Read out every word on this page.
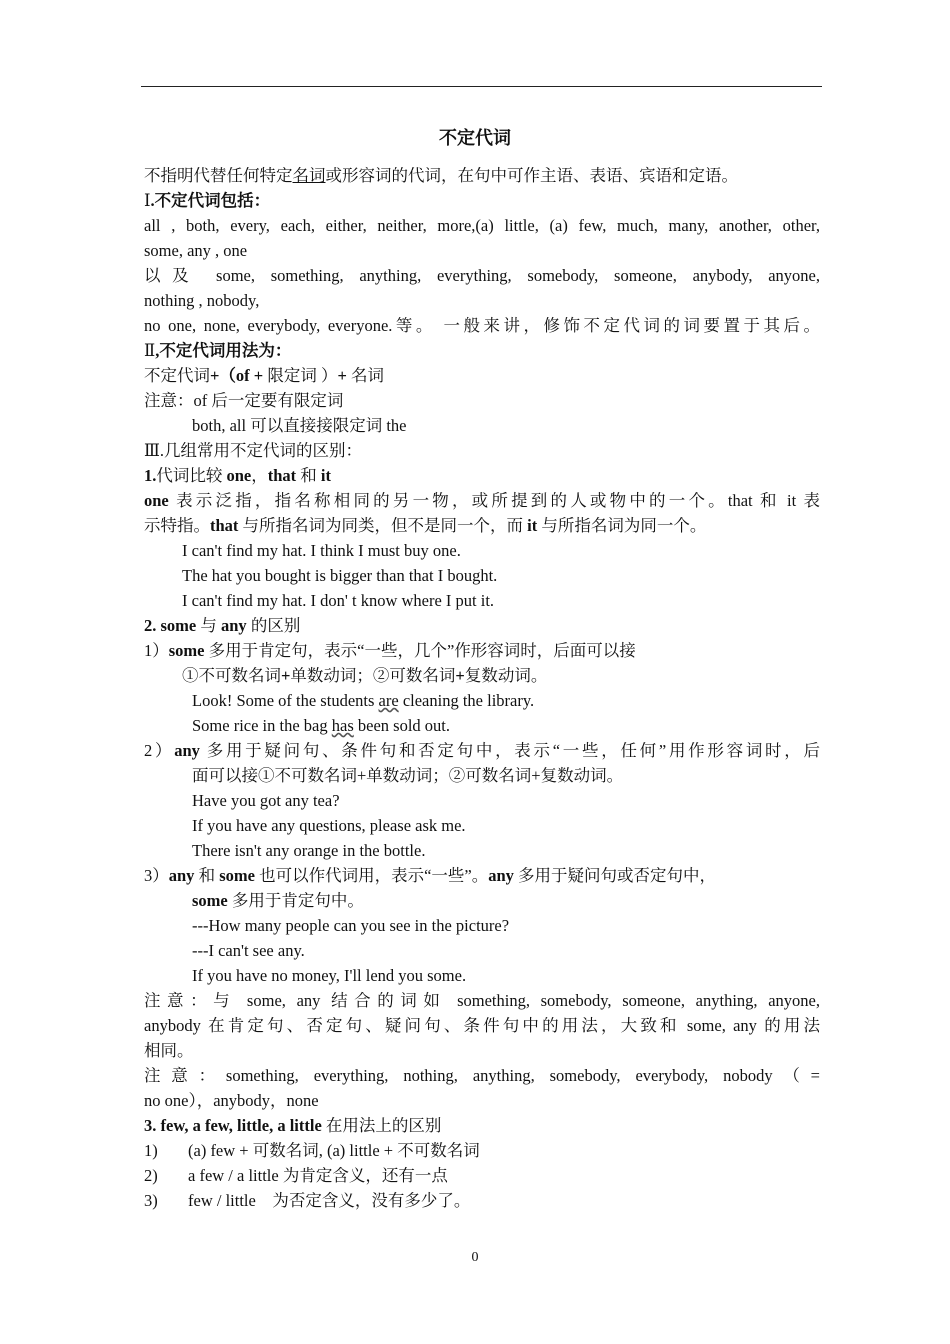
不定代词
不指明代替任何特定名词或形容词的代词，在句中可作主语、表语、宾语和定语。
Ⅰ.不定代词包括：
all , both, every, each, either, neither, more,(a) little, (a) few, much, many, another, other,
some, any , one
以及 some, something, anything, everything, somebody, someone, anybody, anyone,
nothing , nobody,
no one, none, everybody, everyone.等。 一般来讲，修饰不定代词的词要置于其后。
Ⅱ,不定代词用法为：
不定代词+（of + 限定词 ）+ 名词
注意：of 后一定要有限定词
both, all 可以直接接限定词 the
Ⅲ.几组常用不定代词的区别：
1.代词比较 one，that 和 it
one 表示泛指，指名称相同的另一物，或所提到的人或物中的一个。that 和 it 表
示特指。that 与所指名词为同类，但不是同一个，而 it 与所指名词为同一个。
I can't find my hat. I think I must buy one.
The hat you bought is bigger than that I bought.
I can't find my hat. I don' t know where I put it.
2. some 与 any 的区别
1）some 多用于肯定句，表示“一些，几个”作形容词时，后面可以接
①不可数名词+单数动词；②可数名词+复数动词。
Look! Some of the students are cleaning the library.
Some rice in the bag has been sold out.
2）any 多用于疑问句、条件句和否定句中，表示“一些，任何”用作形容词时，后
面可以接①不可数名词+单数动词；②可数名词+复数动词。
Have you got any tea?
If you have any questions, please ask me.
There isn't any orange in the bottle.
3）any 和 some 也可以作代词用，表示“一些”。any 多用于疑问句或否定句中，
some 多用于肯定句中。
---How many people can you see in the picture?
---I can't see any.
If you have no money, I'll lend you some.
注意：与 some, any 结合的词如 something, somebody, someone, anything, anyone,
anybody 在肯定句、否定句、疑问句、条件句中的用法，大致和 some, any 的用法
相同。
注意：something, everything, nothing, anything, somebody, everybody, nobody（=
no one），anybody，none
3. few, a few, little, a little 在用法上的区别
1) (a) few + 可数名词, (a) little + 不可数名词
2) a few / a little 为肯定含义，还有一点
3) few / little　为否定含义，没有多少了。
0
